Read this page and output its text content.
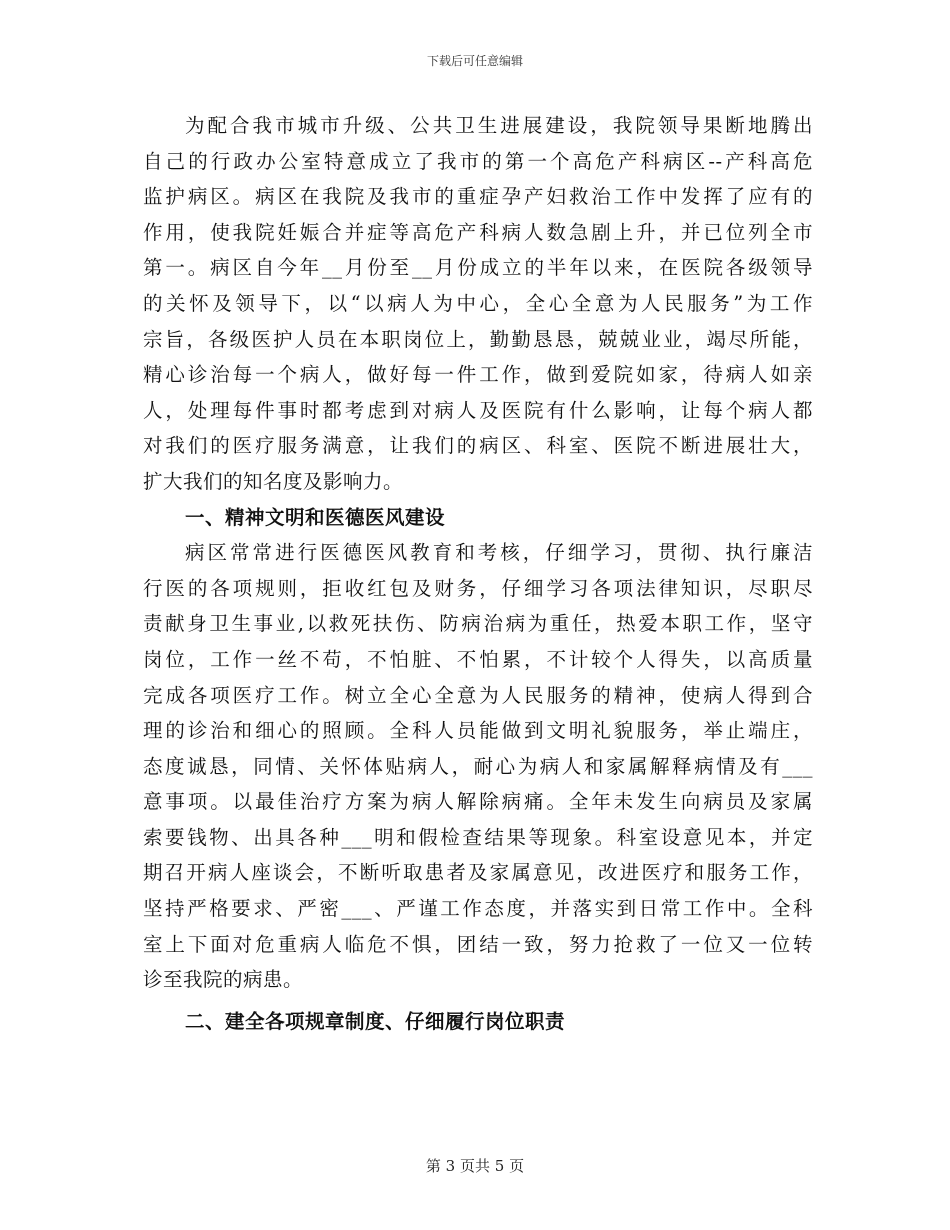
下载后可任意编辑
为配合我市城市升级、公共卫生进展建设，我院领导果断地腾出
自己的行政办公室特意成立了我市的第一个高危产科病区--产科高危
监护病区。病区在我院及我市的重症孕产妇救治工作中发挥了应有的
作用，使我院妊娠合并症等高危产科病人数急剧上升，并已位列全市
第一。病区自今年__月份至__月份成立的半年以来，在医院各级领导
的关怀及领导下，以“以病人为中心，全心全意为人民服务”为工作
宗旨，各级医护人员在本职岗位上，勤勤恳恳，兢兢业业，竭尽所能，
精心诊治每一个病人，做好每一件工作，做到爱院如家，待病人如亲
人，处理每件事时都考虑到对病人及医院有什么影响，让每个病人都
对我们的医疗服务满意，让我们的病区、科室、医院不断进展壮大，
扩大我们的知名度及影响力。
一、精神文明和医德医风建设
病区常常进行医德医风教育和考核，仔细学习，贯彻、执行廉洁
行医的各项规则，拒收红包及财务，仔细学习各项法律知识，尽职尽
责献身卫生事业,以救死扶伤、防病治病为重任，热爱本职工作，坚守
岗位，工作一丝不苟，不怕脏、不怕累，不计较个人得失，以高质量
完成各项医疗工作。树立全心全意为人民服务的精神，使病人得到合
理的诊治和细心的照顾。全科人员能做到文明礼貌服务，举止端庄，
态度诚恳，同情、关怀体贴病人，耐心为病人和家属解释病情及有___
意事项。以最佳治疗方案为病人解除病痛。全年未发生向病员及家属
索要钱物、出具各种___明和假检查结果等现象。科室设意见本，并定
期召开病人座谈会，不断听取患者及家属意见，改进医疗和服务工作，
坚持严格要求、严密___、严谨工作态度，并落实到日常工作中。全科
室上下面对危重病人临危不惧，团结一致，努力抢救了一位又一位转
诊至我院的病患。
二、建全各项规章制度、仔细履行岗位职责
第 3 页共 5 页
